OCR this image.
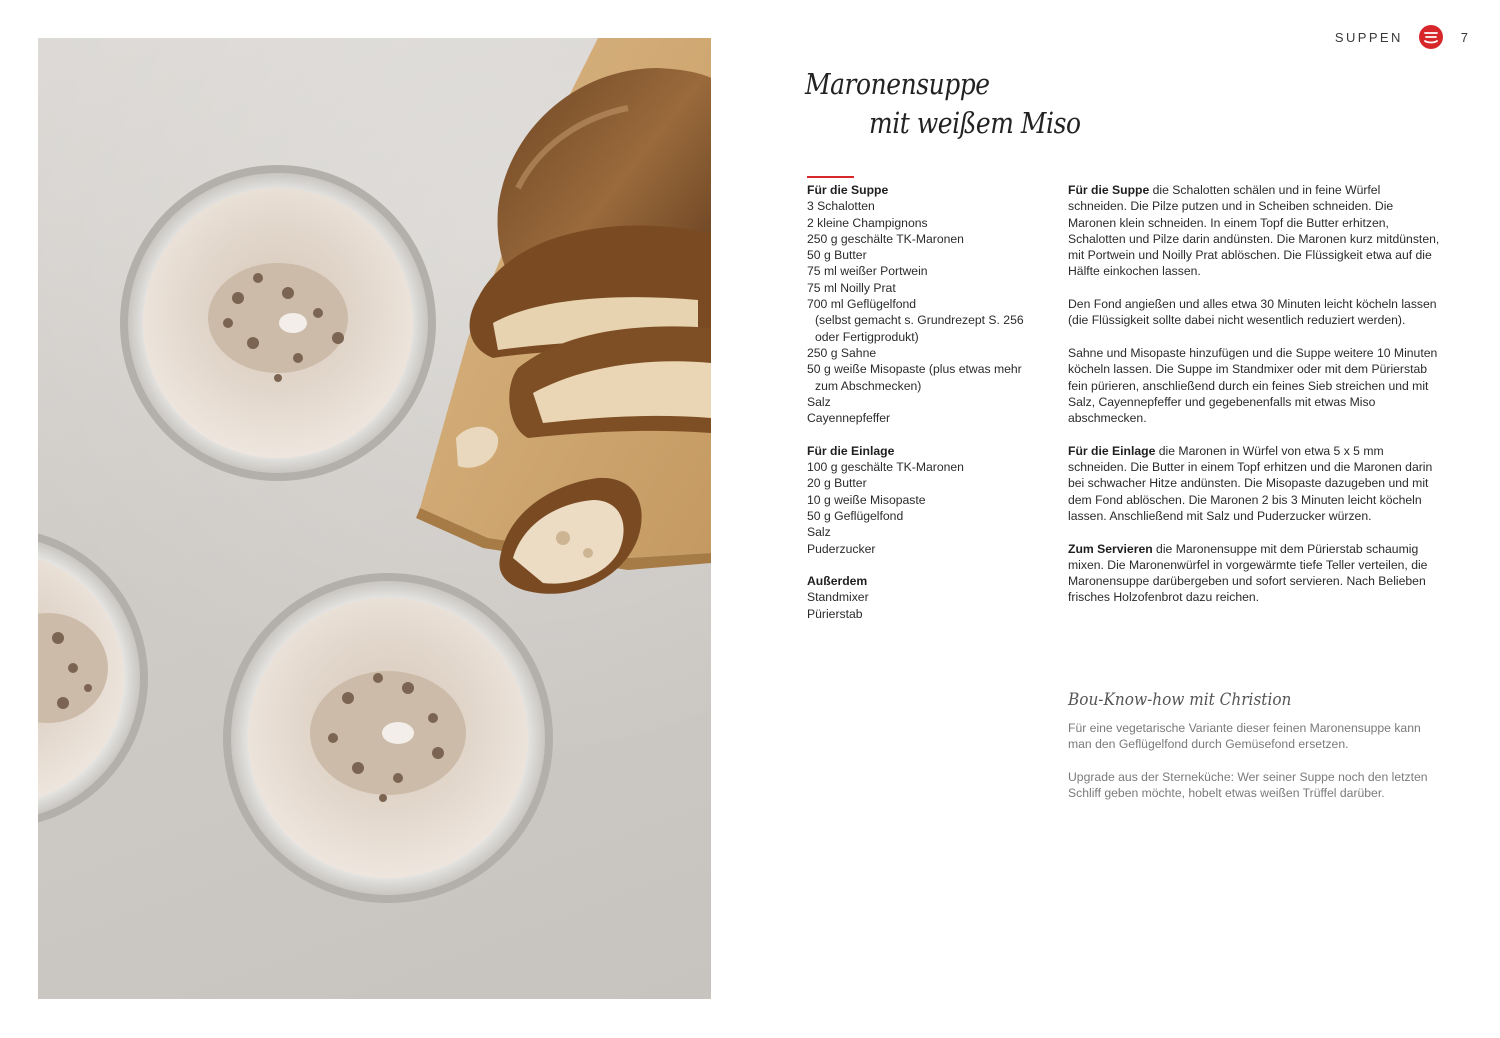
SUPPEN	7
Maronensuppe
mit weißem Miso
Für die Suppe
3 Schalotten
2 kleine Champignons
250 g geschälte TK-Maronen
50 g Butter
75 ml weißer Portwein
75 ml Noilly Prat
700 ml Geflügelfond
(selbst gemacht s. Grundrezept S. 256
oder Fertigprodukt)
250 g Sahne
50 g weiße Misopaste (plus etwas mehr
zum Abschmecken)
Salz
Cayennepfeffer
Für die Einlage
100 g geschälte TK-Maronen
20 g Butter
10 g weiße Misopaste
50 g Geflügelfond
Salz
Puderzucker
Außerdem
Standmixer
Pürierstab

Für die Suppe die Schalotten schälen und in feine Würfel schneiden. Die Pilze putzen und in Scheiben schneiden. Die Maronen klein schneiden. In einem Topf die Butter erhitzen, Schalotten und Pilze darin andünsten. Die Maronen kurz mitdünsten, mit Portwein und Noilly Prat ablöschen. Die Flüssigkeit etwa auf die Hälfte einkochen lassen.

Den Fond angießen und alles etwa 30 Minuten leicht köcheln lassen (die Flüssigkeit sollte dabei nicht wesentlich reduziert werden).

Sahne und Misopaste hinzufügen und die Suppe weitere 10 Minuten köcheln lassen. Die Suppe im Standmixer oder mit dem Pürierstab fein pürieren, anschließend durch ein feines Sieb streichen und mit Salz, Cayennepfeffer und gegebenenfalls mit etwas Miso abschmecken.

Für die Einlage die Maronen in Würfel von etwa 5 x 5 mm schneiden. Die Butter in einem Topf erhitzen und die Maronen darin bei schwacher Hitze andünsten. Die Misopaste dazugeben und mit dem Fond ablöschen. Die Maronen 2 bis 3 Minuten leicht köcheln lassen. Anschließend mit Salz und Puderzucker würzen.

Zum Servieren die Maronensuppe mit dem Pürierstab schaumig mixen. Die Maronenwürfel in vorgewärmte tiefe Teller verteilen, die Maronensuppe darübergeben und sofort servieren. Nach Belieben frisches Holzofenbrot dazu reichen.

Bou-Know-how mit Christion

Für eine vegetarische Variante dieser feinen Maronensuppe kann man den Geflügelfond durch Gemüsefond ersetzen.

Upgrade aus der Sterneküche: Wer seiner Suppe noch den letzten Schliff geben möchte, hobelt etwas weißen Trüffel darüber.
